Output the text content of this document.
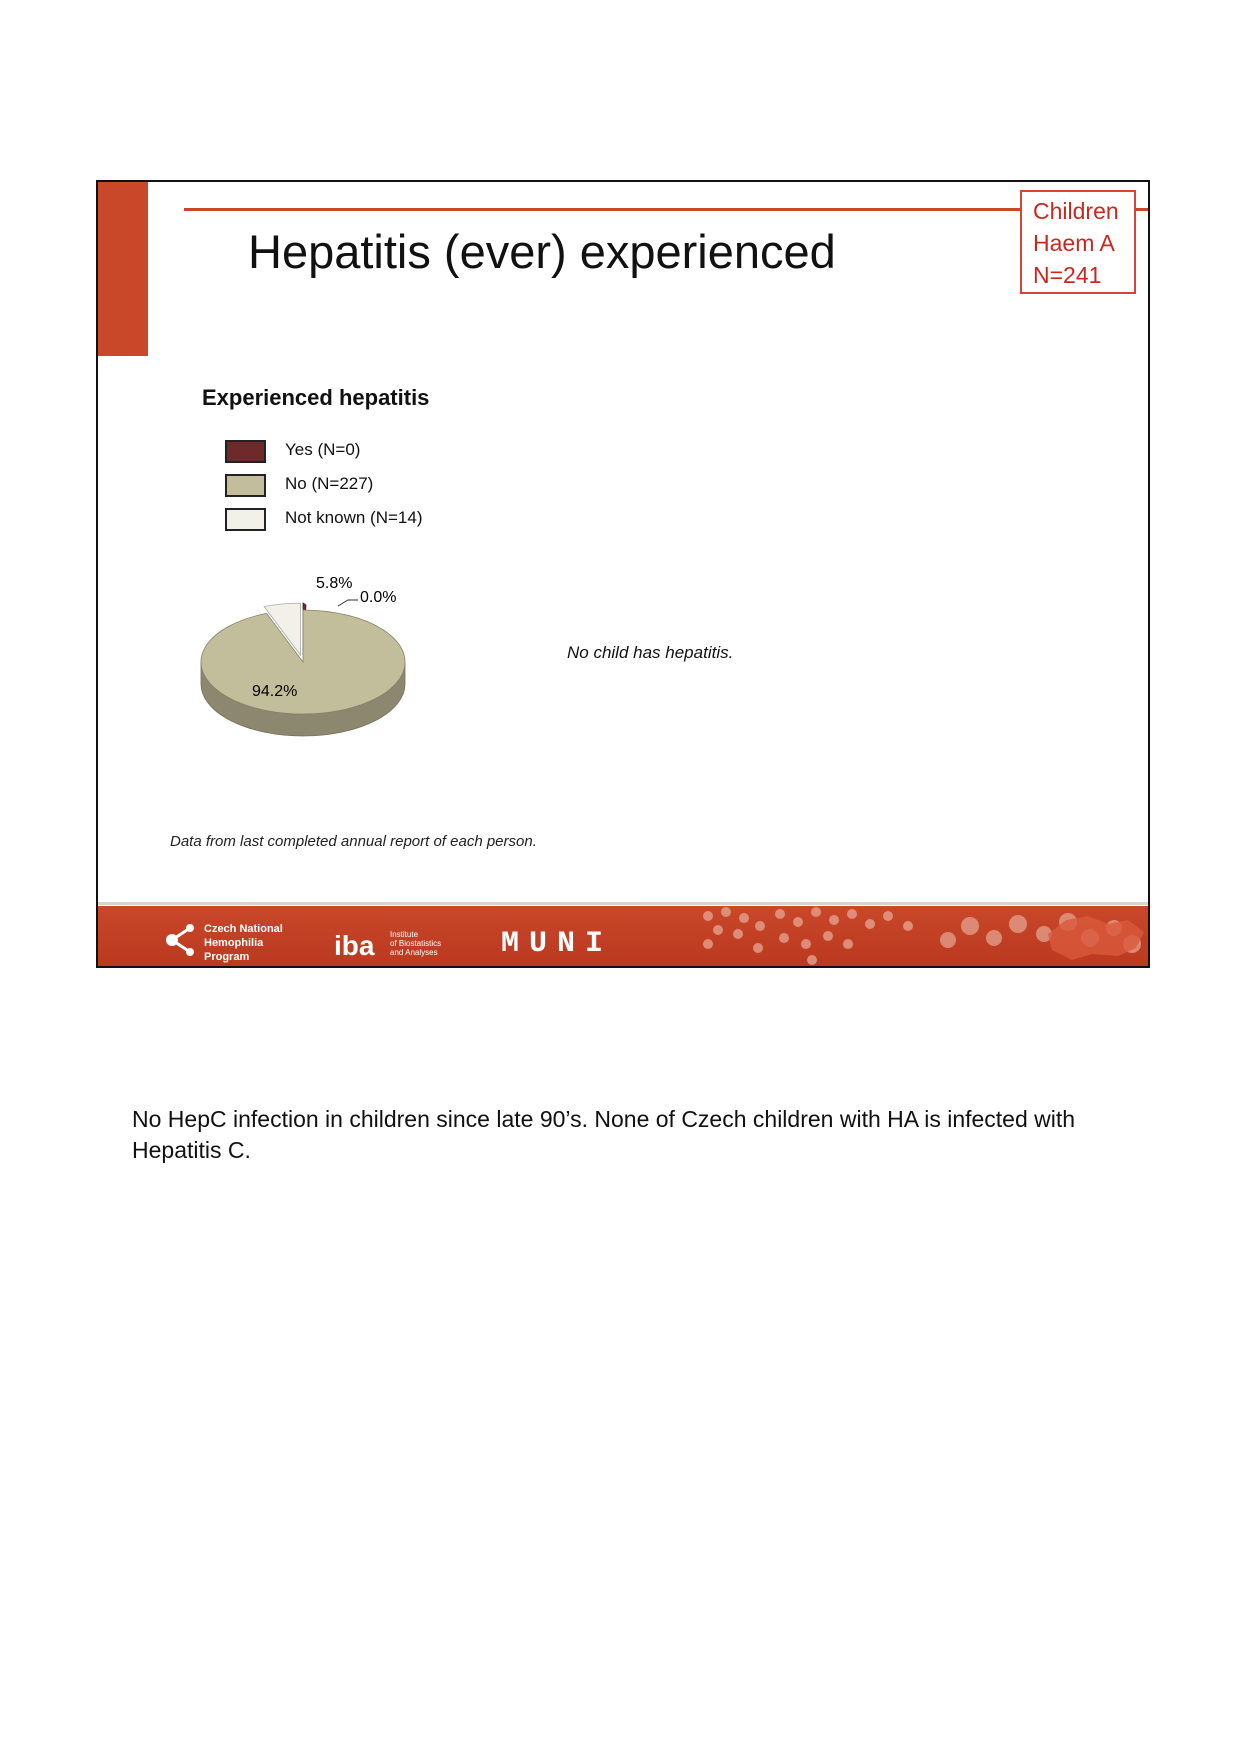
Hepatitis (ever) experienced
Children
Haem A
N=241
Experienced hepatitis
Yes (N=0)
No (N=227)
Not known (N=14)
5.8%
0.0%
94.2%
No child has hepatitis.
Data from last completed annual report of each person.
Czech National
Hemophilia
Program	iba Institute
of Biostatistics
and Analyses MUNI
No HepC infection in children since late 90’s. None of Czech children with HA is infected with Hepatitis C.
